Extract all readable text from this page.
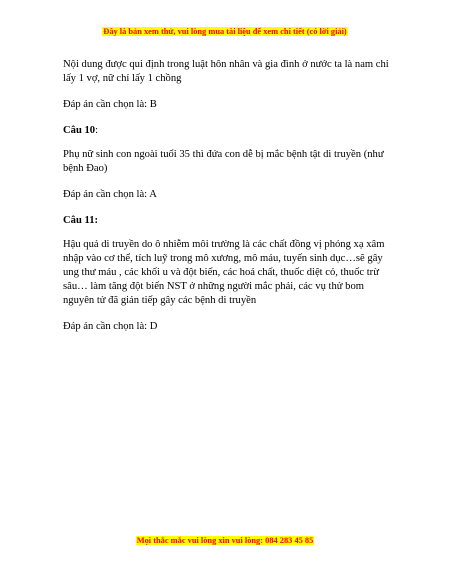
Đây là bản xem thử, vui lòng mua tài liệu để xem chi tiết (có lời giải)

Nội dung được qui định trong luật hôn nhân và gia đình ở nước ta là nam chỉ lấy 1 vợ, nữ chỉ lấy 1 chồng

Đáp án cần chọn là: B

Câu 10:

Phụ nữ sinh con ngoài tuổi 35 thì đứa con dễ bị mắc bệnh tật di truyền (như bệnh Đao)

Đáp án cần chọn là: A

Câu 11:

Hậu quả di truyền do ô nhiễm môi trường là các chất đồng vị phóng xạ xâm nhập vào cơ thể, tích luỹ trong mô xương, mô máu, tuyến sinh dục…sẽ gây ung thư máu , các khối u và đột biến, các hoá chất, thuốc diệt cỏ, thuốc trừ sâu… làm tăng đột biến NST ở những người mắc phải, các vụ thử bom nguyên tử đã gián tiếp gây các bệnh di truyền

Đáp án cần chọn là: D

Mọi thắc mắc vui lòng xin vui lòng: 084 283 45 85
